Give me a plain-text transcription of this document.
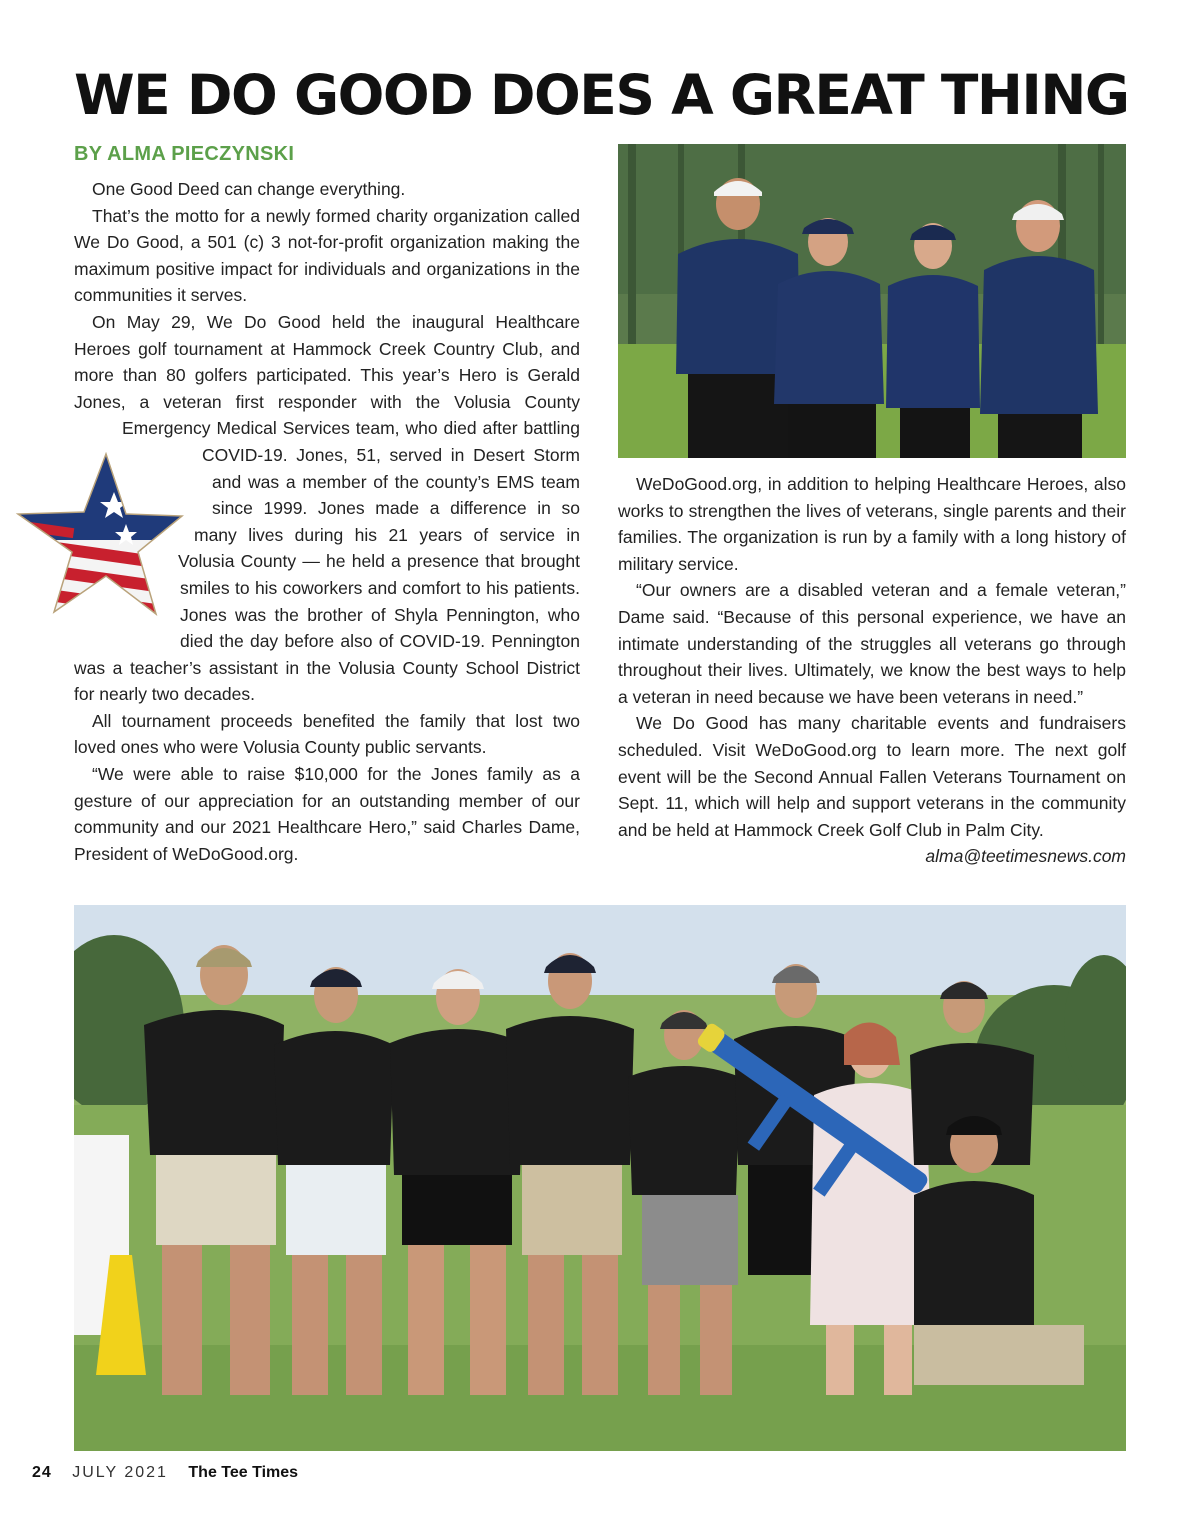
WE DO GOOD DOES A GREAT THING
BY ALMA PIECZYNSKI

One Good Deed can change everything.

That’s the motto for a newly formed charity organization called We Do Good, a 501 (c) 3 not-for-profit organization making the maximum positive impact for individuals and organizations in the communities it serves.

On May 29, We Do Good held the inaugural Healthcare Heroes golf tournament at Hammock Creek Country Club, and more than 80 golfers participated. This year’s Hero is Gerald Jones, a veteran first responder with the Volusia County Emergency Medical Services team, who died after battling COVID-19. Jones, 51, served in Desert Storm and was a member of the county’s EMS team since 1999. Jones made a difference in so many lives during his 21 years of service in Volusia County — he held a presence that brought smiles to his coworkers and comfort to his patients. Jones was the brother of Shyla Pennington, who died the day before also of COVID-19. Pennington was a teacher’s assistant in the Volusia County School District for nearly two decades.

All tournament proceeds benefited the family that lost two loved ones who were Volusia County public servants.

“We were able to raise $10,000 for the Jones family as a gesture of our appreciation for an outstanding member of our community and our 2021 Healthcare Hero,” said Charles Dame, President of WeDoGood.org.

WeDoGood.org, in addition to helping Healthcare Heroes, also works to strengthen the lives of veterans, single parents and their families. The organization is run by a family with a long history of military service.

“Our owners are a disabled veteran and a female veteran,” Dame said. “Because of this personal experience, we have an intimate understanding of the struggles all veterans go through throughout their lives. Ultimately, we know the best ways to help a veteran in need because we have been veterans in need.”

We Do Good has many charitable events and fundraisers scheduled. Visit WeDoGood.org to learn more. The next golf event will be the Second Annual Fallen Veterans Tournament on Sept. 11, which will help and support veterans in the community and be held at Hammock Creek Golf Club in Palm City.

alma@teetimesnews.com

24 JULY 2021 The Tee Times
